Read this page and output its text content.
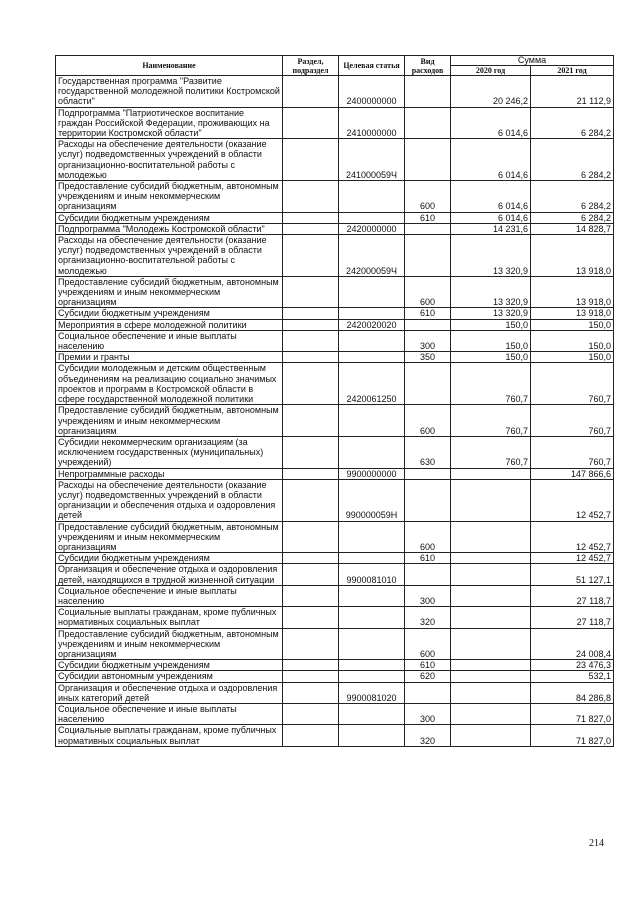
Наименование	Раздел, подраздел	Целевая статья	Вид расходов	Сумма	
				2020 год	2021 год
Государственная программа "Развитие государственной молодежной политики Костромской области"		2400000000		20 246,2	21 112,9
Подпрограмма "Патриотическое воспитание граждан Российской Федерации, проживающих на территории Костромской области"		2410000000		6 014,6	6 284,2
Расходы на обеспечение деятельности (оказание услуг) подведомственных учреждений в области организационно-воспитательной работы с молодежью		241000059Ч		6 014,6	6 284,2
Предоставление субсидий бюджетным, автономным учреждениям и иным некоммерческим организациям			600	6 014,6	6 284,2
Субсидии бюджетным учреждениям			610	6 014,6	6 284,2
Подпрограмма "Молодежь Костромской области"		2420000000		14 231,6	14 828,7
Расходы на обеспечение деятельности (оказание услуг) подведомственных учреждений в области организационно-воспитательной работы с молодежью		242000059Ч		13 320,9	13 918,0
Предоставление субсидий бюджетным, автономным учреждениям и иным некоммерческим организациям			600	13 320,9	13 918,0
Субсидии бюджетным учреждениям			610	13 320,9	13 918,0
Мероприятия в сфере молодежной политики		2420020020		150,0	150,0
Социальное обеспечение и иные выплаты населению			300	150,0	150,0
Премии и гранты			350	150,0	150,0
Субсидии молодежным и детским общественным объединениям на реализацию социально значимых проектов и программ в Костромской области в сфере государственной молодежной политики		2420061250		760,7	760,7
Предоставление субсидий бюджетным, автономным учреждениям и иным некоммерческим организациям			600	760,7	760,7
Субсидии некоммерческим организациям (за исключением государственных (муниципальных) учреждений)			630	760,7	760,7
Непрограммные расходы		9900000000			147 866,6
Расходы на обеспечение деятельности (оказание услуг) подведомственных учреждений в области организации и обеспечения отдыха и оздоровления детей		990000059Н			12 452,7
Предоставление субсидий бюджетным, автономным учреждениям и иным некоммерческим организациям			600		12 452,7
Субсидии бюджетным учреждениям			610		12 452,7
Организация и обеспечение отдыха и оздоровления детей, находящихся в трудной жизненной ситуации		9900081010			51 127,1
Социальное обеспечение и иные выплаты населению			300		27 118,7
Социальные выплаты гражданам, кроме публичных нормативных социальных выплат			320		27 118,7
Предоставление субсидий бюджетным, автономным учреждениям и иным некоммерческим организациям			600		24 008,4
Субсидии бюджетным учреждениям			610		23 476,3
Субсидии автономным учреждениям			620		532,1
Организация и обеспечение отдыха и оздоровления иных категорий детей		9900081020			84 286,8
Социальное обеспечение и иные выплаты населению			300		71 827,0
Социальные выплаты гражданам, кроме публичных нормативных социальных выплат			320		71 827,0
214
